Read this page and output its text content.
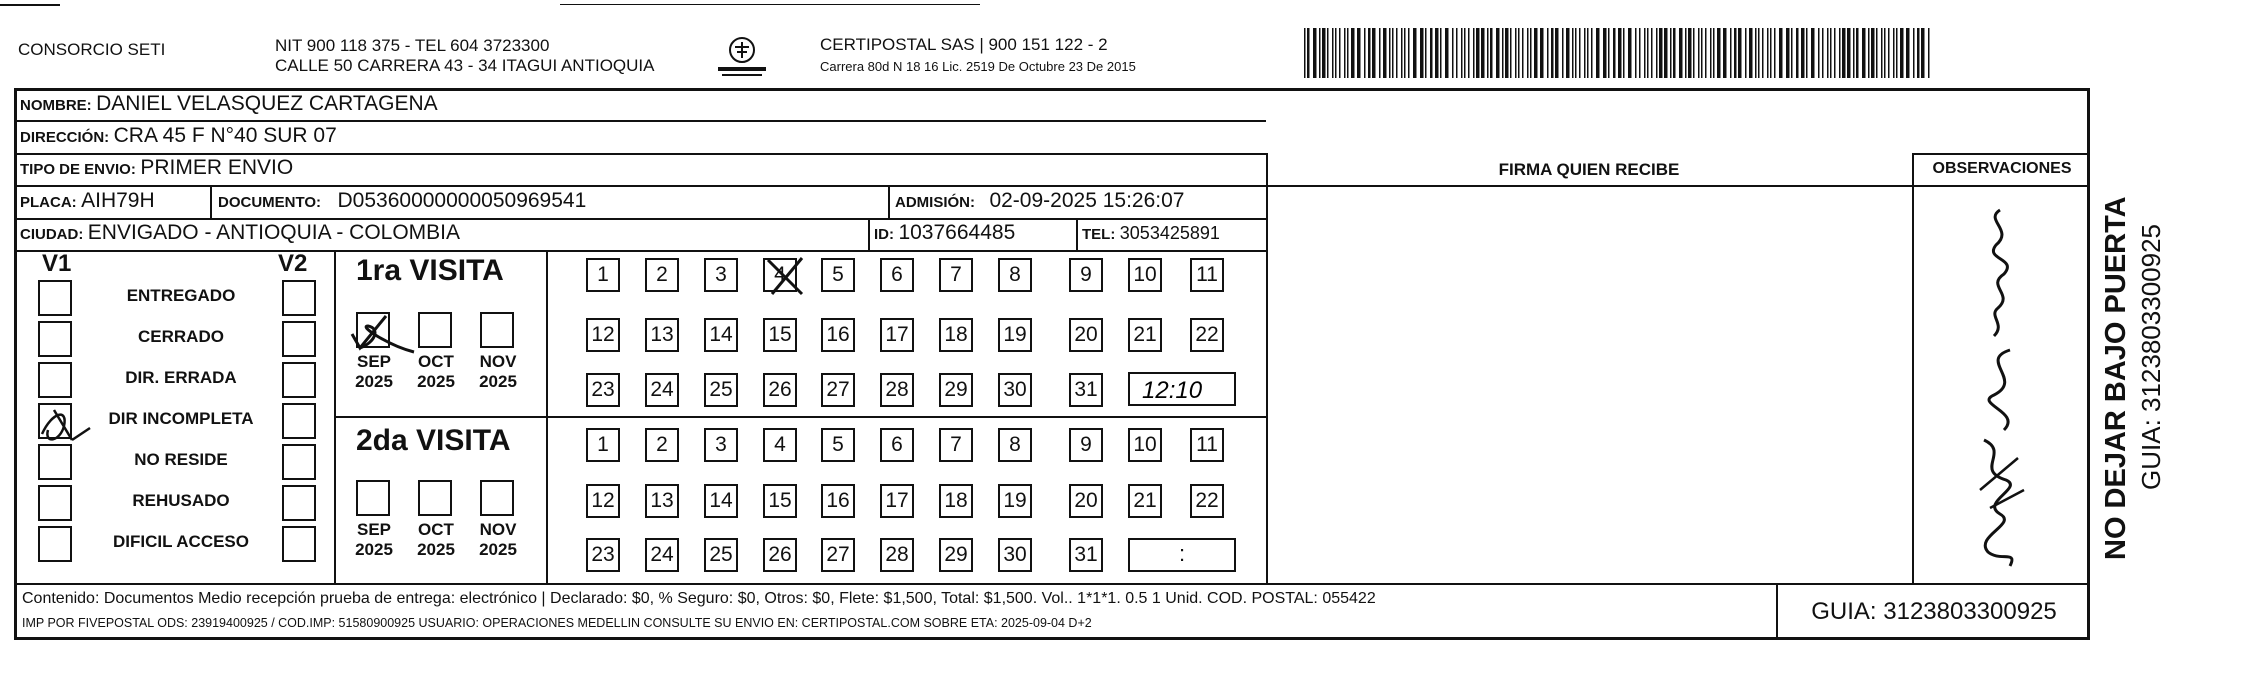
CONSORCIO SETI	NIT 900 118 375 - TEL 604 3723300
CALLE 50 CARRERA 43 - 34 ITAGUI ANTIOQUIA
CERTIPOSTAL SAS | 900 151 122 - 2
Carrera 80d N 18 16 Lic. 2519 De Octubre 23 De 2015
NOMBRE: DANIEL VELASQUEZ CARTAGENA
DIRECCIÓN: CRA 45 F N°40 SUR 07
TIPO DE ENVIO: PRIMER ENVIO
PLACA: AIH79H	DOCUMENTO: D05360000000050969541	ADMISIÓN: 02-09-2025 15:26:07
CIUDAD: ENVIGADO - ANTIOQUIA - COLOMBIA	ID: 1037664485	TEL: 3053425891
FIRMA QUIEN RECIBE	OBSERVACIONES
V1	V2
ENTREGADO
CERRADO
DIR. ERRADA
DIR INCOMPLETA
NO RESIDE
REHUSADO
DIFICIL ACCESO
1ra VISITA
SEP
2025
OCT
2025
NOV
2025
1	2	3	4	5	6	7	8	9	10 11
12 13 14 15 16 17 18 19 20 21 22
23 24 25 26 27 28 29 30 31 12:10
2da VISITA
SEP
2025
OCT
2025
NOV
2025
1	2	3	4	5	6	7	8	9	10 11
12 13 14 15 16 17 18 19 20 21 22
23 24 25 26 27 28 29 30 31	:
Contenido: Documentos Medio recepción prueba de entrega: electrónico | Declarado: $0, % Seguro: $0, Otros: $0, Flete: $1,500, Total: $1,500. Vol.. 1*1*1. 0.5 1 Unid. COD. POSTAL: 055422
IMP POR FIVEPOSTAL ODS: 23919400925 / COD.IMP: 51580900925 USUARIO: OPERACIONES MEDELLIN CONSULTE SU ENVIO EN: CERTIPOSTAL.COM SOBRE ETA: 2025-09-04 D+2	GUIA: 3123803300925
NO DEJAR BAJO PUERTA GUIA: 3123803300925
